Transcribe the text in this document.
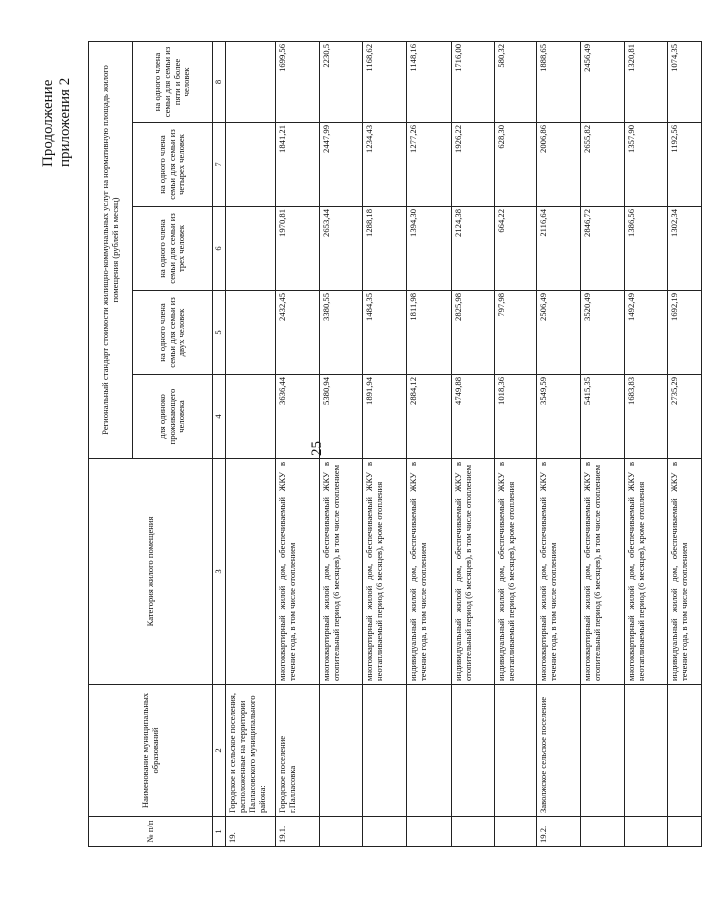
25
Продолжение приложения 2
№ п/п	Наименование муниципальных образований	Категория жилого помещения	Региональный стандарт стоимости жилищно-коммунальных услуг на нормативную площадь жилого помещения (рублей в месяц)				
			для одиноко проживающего человека	на одного члена семьи для семьи из двух человек	на одного члена семьи для семьи из трех человек	на одного члена семьи для семьи из четырех человек	на одного члена семьи для семьи из пяти и более человек
1	2	3	4	5	6	7	8
19.	Городское и сельское поселения, расположенные на территории Палласовского муниципального района:						
19.1.	Городское поселение г.Палласовка	многоквартирный жилой дом, обеспечиваемый ЖКУ в течение года, в том числе отоплением	3636,44	2432,45	1970,81	1841,21	1699,56
		многоквартирный жилой дом, обеспечиваемый ЖКУ в отопительный период (6 месяцев), в том числе отоплением	5380,94	3380,55	2653,44	2447,99	2230,5
		многоквартирный жилой дом, обеспечиваемый ЖКУ в неотапливаемый период (6 месяцев), кроме отопления	1891,94	1484,35	1288,18	1234,43	1168,62
		индивидуальный жилой дом, обеспечиваемый ЖКУ в течение года, в том числе отоплением	2884,12	1811,98	1394,30	1277,26	1148,16
		индивидуальный жилой дом, обеспечиваемый ЖКУ в отопительный период (6 месяцев), в том числе отоплением	4749,88	2825,98	2124,38	1926,22	1716,00
		индивидуальный жилой дом, обеспечиваемый ЖКУ в неотапливаемый период (6 месяцев), кроме отопления	1018,36	797,98	664,22	628,30	580,32
19.2.	Заволжское сельское поселение	многоквартирный жилой дом, обеспечиваемый ЖКУ в течение года, в том числе отоплением	3549,59	2506,49	2116,64	2006,86	1888,65
		многоквартирный жилой дом, обеспечиваемый ЖКУ в отопительный период (6 месяцев), в том числе отоплением	5415,35	3520,49	2846,72	2655,82	2456,49
		многоквартирный жилой дом, обеспечиваемый ЖКУ в неотапливаемый период (6 месяцев), кроме отопления	1683,83	1492,49	1386,56	1357,90	1320,81
		индивидуальный жилой дом, обеспечиваемый ЖКУ в течение года, в том числе отоплением	2735,29	1692,19	1302,34	1192,56	1074,35
